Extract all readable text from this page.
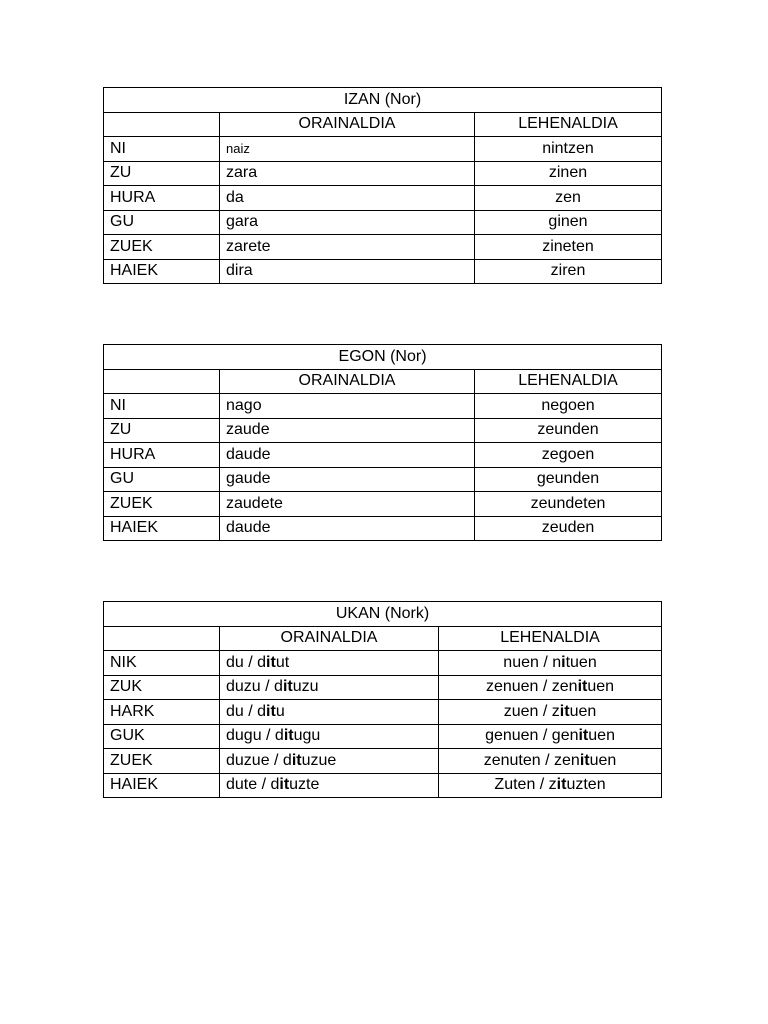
IZAN (Nor)		
	ORAINALDIA	LEHENALDIA
NI	naiz	nintzen
ZU	zara	zinen
HURA	da	zen
GU	gara	ginen
ZUEK	zarete	zineten
HAIEK	dira	ziren
EGON (Nor)		
	ORAINALDIA	LEHENALDIA
NI	nago	negoen
ZU	zaude	zeunden
HURA	daude	zegoen
GU	gaude	geunden
ZUEK	zaudete	zeundeten
HAIEK	daude	zeuden
UKAN (Nork)		
	ORAINALDIA	LEHENALDIA
NIK	du / ditut	nuen / nituen
ZUK	duzu / dituzu	zenuen / zenituen
HARK	du / ditu	zuen / zituen
GUK	dugu / ditugu	genuen / genituen
ZUEK	duzue / dituzue	zenuten / zenituen
HAIEK	dute / dituzte	Zuten / zituzten
